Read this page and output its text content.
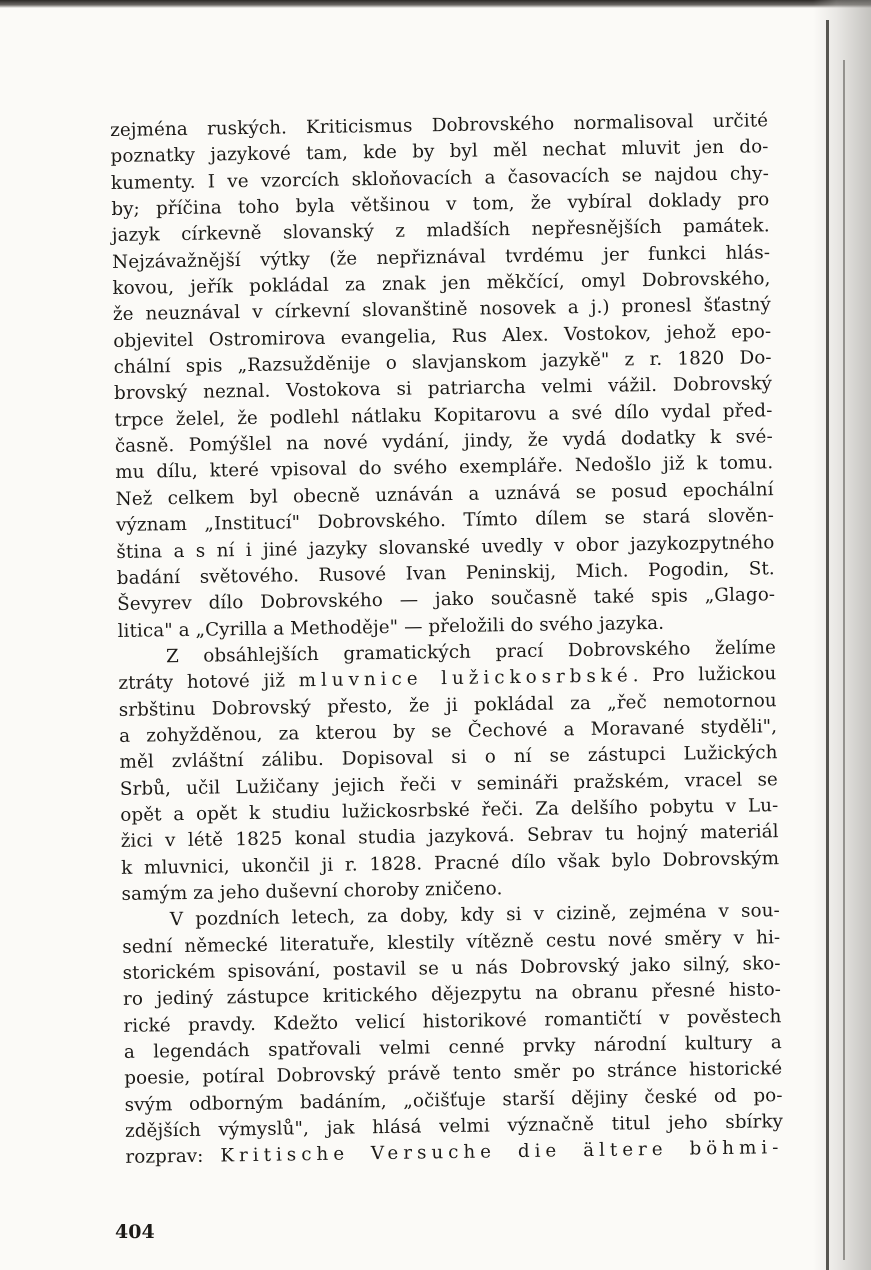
zejména ruských. Kriticismus Dobrovského normalisoval určité
poznatky jazykové tam, kde by byl měl nechat mluvit jen do-
kumenty. I ve vzorcích skloňovacích a časovacích se najdou chy-
by; příčina toho byla většinou v tom, že vybíral doklady pro
jazyk církevně slovanský z mladších nepřesnějších památek.
Nejzávažnější výtky (že nepřiznával tvrdému jer funkci hlás-
kovou, jeřík pokládal za znak jen měkčící, omyl Dobrovského,
že neuznával v církevní slovanštině nosovek a j.) pronesl šťastný
objevitel Ostromirova evangelia, Rus Alex. Vostokov, jehož epo-
chální spis „Razsužděnije o slavjanskom jazykě" z r. 1820 Do-
brovský neznal. Vostokova si patriarcha velmi vážil. Dobrovský
trpce želel, že podlehl nátlaku Kopitarovu a své dílo vydal před-
časně. Pomýšlel na nové vydání, jindy, že vydá dodatky k své-
mu dílu, které vpisoval do svého exempláře. Nedošlo již k tomu.
Než celkem byl obecně uznáván a uznává se posud epochální
význam „Institucí" Dobrovského. Tímto dílem se stará slověn-
ština a s ní i jiné jazyky slovanské uvedly v obor jazykozpytného
badání světového. Rusové Ivan Peninskij, Mich. Pogodin, St.
Ševyrev dílo Dobrovského — jako současně také spis „Glago-
litica" a „Cyrilla a Methoděje" — přeložili do svého jazyka.
Z obsáhlejších gramatických prací Dobrovského želíme
ztráty hotové již mluvnice lužickosrbské. Pro lužickou
srbštinu Dobrovský přesto, že ji pokládal za „řeč nemotornou
a zohyžděnou, za kterou by se Čechové a Moravané styděli",
měl zvláštní zálibu. Dopisoval si o ní se zástupci Lužických
Srbů, učil Lužičany jejich řeči v semináři pražském, vracel se
opět a opět k studiu lužickosrbské řeči. Za delšího pobytu v Lu-
žici v létě 1825 konal studia jazyková. Sebrav tu hojný materiál
k mluvnici, ukončil ji r. 1828. Pracné dílo však bylo Dobrovským
samým za jeho duševní choroby zničeno.
V pozdních letech, za doby, kdy si v cizině, zejména v sou-
sední německé literatuře, klestily vítězně cestu nové směry v hi-
storickém spisování, postavil se u nás Dobrovský jako silný, sko-
ro jediný zástupce kritického dějezpytu na obranu přesné histo-
rické pravdy. Kdežto velicí historikové romantičtí v pověstech
a legendách spatřovali velmi cenné prvky národní kultury a
poesie, potíral Dobrovský právě tento směr po stránce historické
svým odborným badáním, „očišťuje starší dějiny české od po-
zdějších výmyslů", jak hlásá velmi význačně titul jeho sbírky
rozprav: Kritische Versuche die ältere böhmi-
404
